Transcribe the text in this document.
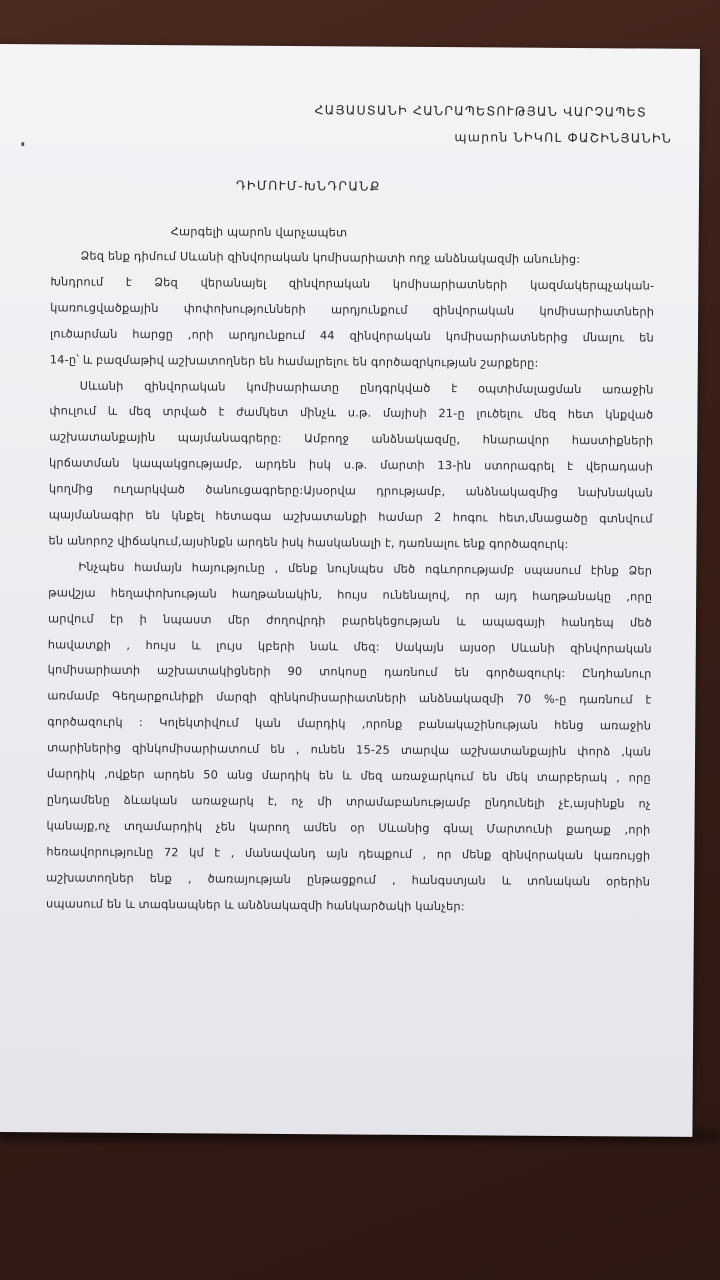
ՀԱՅԱՍՏԱՆԻ ՀԱՆՐԱՊԵՏՈՒԹՅԱՆ ՎԱՐՉԱՊԵՏ
պարոն ՆԻԿՈԼ ՓԱՇԻՆՅԱՆԻՆ
ԴԻՄՈՒՄ-ԽՆԴՐԱՆՔ
Հարգելի պարոն վարչապետ
Ձեզ ենք դիմում Սևանի զինվորական կոմիսարիատի ողջ անձնակազմի անունից:
Խնդրում է Ձեզ վերանայել զինվորական կոմիսարիատների կազմակերպչական-
կառուցվածքային փոփոխությունների արդյունքում զինվորական կոմիսարիատների
լուծարման հարցը ,որի արդյունքում 44 զինվորական կոմիսարիատներից մնալու են
14-ը՝ և բազմաթիվ աշխատողներ են համալրելու են գործազրկության շարքերը:
Սևանի զինվորական կոմիսարիատը ընդգրկված է օպտիմալացման առաջին
փուլում և մեզ տրված է ժամկետ մինչև ս.թ. մայիսի 21-ը լուծելու մեզ հետ կնքված
աշխատանքային պայմանագրերը: Ամբողջ անձնակազմը, հնարավոր հաստիքների
կրճատման կապակցությամբ, արդեն իսկ ս.թ. մարտի 13-ին ստորագրել է վերադասի
կողմից ուղարկված ծանուցագրերը:Այսօրվա դրությամբ, անձնակազմից նախնական
պայմանագիր են կնքել հետագա աշխատանքի համար 2 հոգու հետ,մնացածը գտնվում
են անորոշ վիճակում,այսինքն արդեն իսկ հասկանալի է, դառնալու ենք գործազուրկ:
Ինչպես համայն հայությունը , մենք նույնպես մեծ ոգևորությամբ սպասում էինք Ձեր
թավշյա հեղափոխության հաղթանակին, հույս ունենալով, որ այդ հաղթանակը ,որը
արվում էր ի նպաստ մեր ժողովրդի բարեկեցության և ապագայի հանդեպ մեծ
հավատքի , հույս և լույս կբերի նաև մեզ: Սակայն այսօր Սևանի զինվորական
կոմիսարիատի աշխատակիցների 90 տոկոսը դառնում են գործազուրկ: Ընդհանուր
առմամբ Գեղարքունիքի մարզի զինկոմիսարիատների անձնակազմի 70 %-ը դառնում է
գործազուրկ : Կոլեկտիվում կան մարդիկ ,որոնք բանակաշինության հենց առաջին
տարիներից զինկոմիսարիատում են , ունեն 15-25 տարվա աշխատանքային փորձ ,կան
մարդիկ ,ովքեր արդեն 50 անց մարդիկ են և մեզ առաջարկում են մեկ տարբերակ , որը
ընդամենը ձևական առաջարկ է, ոչ մի տրամաբանությամբ ընդունելի չէ,այսինքն ոչ
կանայք,ոչ տղամարդիկ չեն կարող ամեն օր Սևանից գնալ Մարտունի քաղաք ,որի
հեռավորությունը 72 կմ է , մանավանդ այն դեպքում , որ մենք զինվորական կառույցի
աշխատողներ ենք , ծառայության ընթացքում , հանգստյան և տոնական օրերին
սպասում են և տագնապներ և անձնակազմի հանկարծակի կանչեր:
